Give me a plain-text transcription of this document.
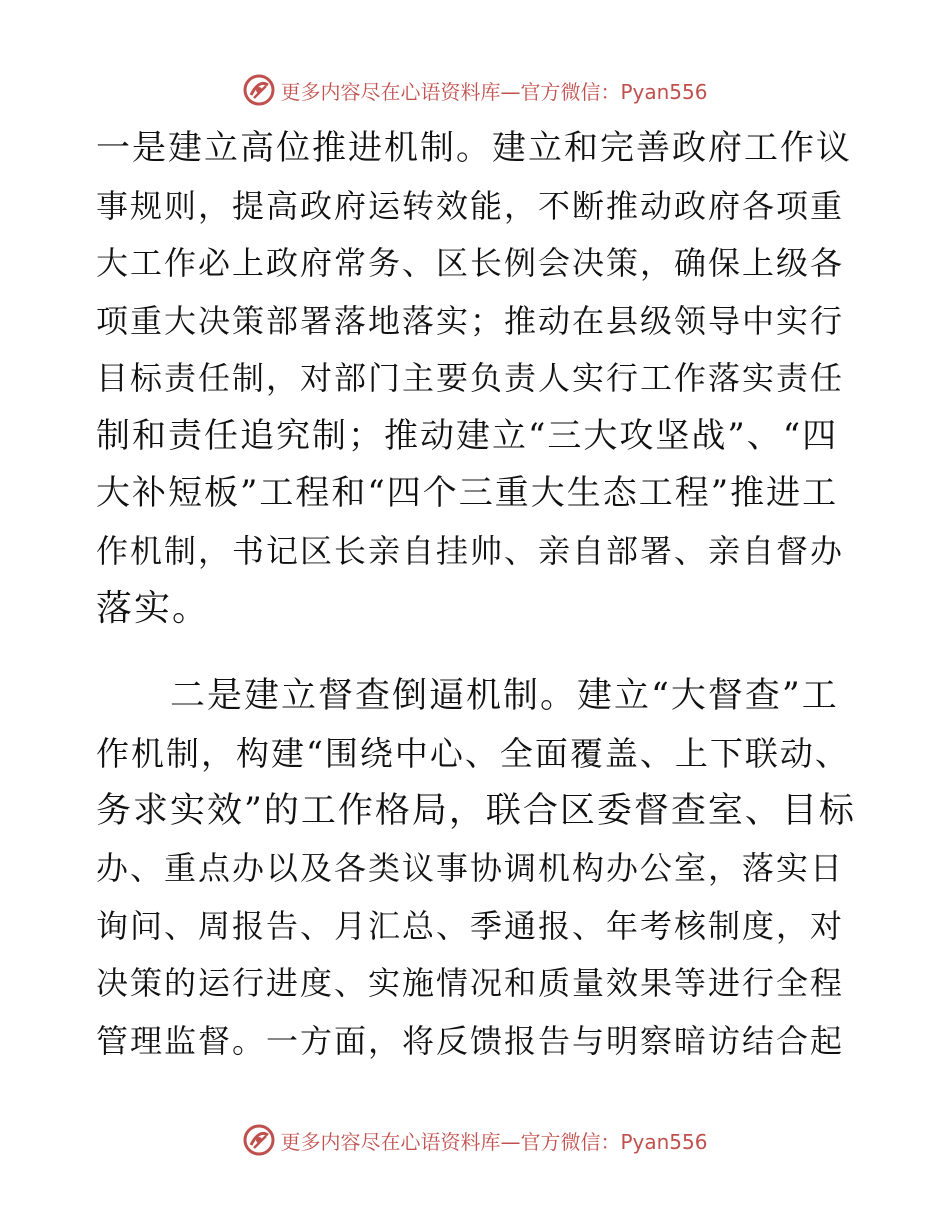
更多内容尽在心语资料库—官方微信：Pyan556

一是建立高位推进机制。建立和完善政府工作议
事规则，提高政府运转效能，不断推动政府各项重
大工作必上政府常务、区长例会决策，确保上级各
项重大决策部署落地落实；推动在县级领导中实行
目标责任制，对部门主要负责人实行工作落实责任
制和责任追究制；推动建立“三大攻坚战”、“四
大补短板”工程和“四个三重大生态工程”推进工
作机制，书记区长亲自挂帅、亲自部署、亲自督办
落实。

　　二是建立督查倒逼机制。建立“大督查”工
作机制，构建“围绕中心、全面覆盖、上下联动、
务求实效”的工作格局，联合区委督查室、目标
办、重点办以及各类议事协调机构办公室，落实日
询问、周报告、月汇总、季通报、年考核制度，对
决策的运行进度、实施情况和质量效果等进行全程
管理监督。一方面，将反馈报告与明察暗访结合起

更多内容尽在心语资料库—官方微信：Pyan556
